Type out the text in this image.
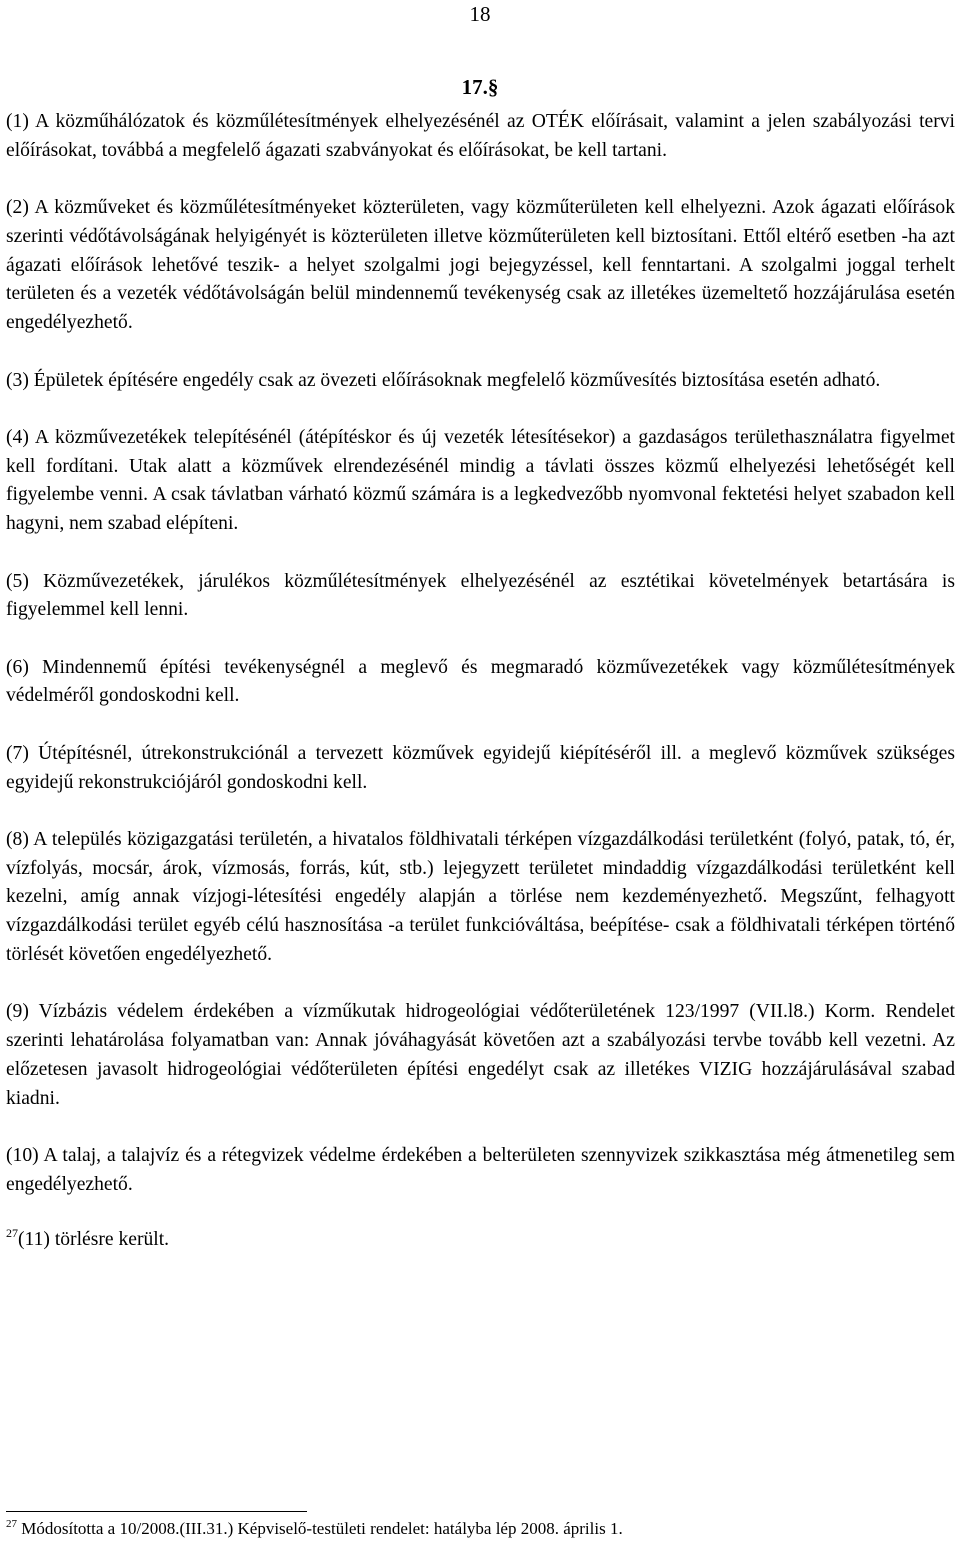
18
17.§

(1) A közműhálózatok és közműlétesítmények elhelyezésénél az OTÉK előírásait, valamint a jelen szabályozási tervi előírásokat, továbbá a megfelelő ágazati szabványokat és előírásokat, be kell tartani.

(2) A közműveket és közműlétesítményeket közterületen, vagy közműterületen kell elhelyezni. Azok ágazati előírások szerinti védőtávolságának helyigényét is közterületen illetve közműterületen kell biztosítani. Ettől eltérő esetben -ha azt ágazati előírások lehetővé teszik- a helyet szolgalmi jogi bejegyzéssel, kell fenntartani. A szolgalmi joggal terhelt területen és a vezeték védőtávolságán belül mindennemű tevékenység csak az illetékes üzemeltető hozzájárulása esetén engedélyezhető.

(3) Épületek építésére engedély csak az övezeti előírásoknak megfelelő közművesítés biztosítása esetén adható.

(4) A közművezetékek telepítésénél (átépítéskor és új vezeték létesítésekor) a gazdaságos területhasználatra figyelmet kell fordítani. Utak alatt a közművek elrendezésénél mindig a távlati összes közmű elhelyezési lehetőségét kell figyelembe venni. A csak távlatban várható közmű számára is a legkedvezőbb nyomvonal fektetési helyet szabadon kell hagyni, nem szabad elépíteni.

(5) Közművezetékek, járulékos közműlétesítmények elhelyezésénél az esztétikai követelmények betartására is figyelemmel kell lenni.

(6) Mindennemű építési tevékenységnél a meglevő és megmaradó közművezetékek vagy közműlétesítmények védelméről gondoskodni kell.

(7) Útépítésnél, útrekonstrukciónál a tervezett közművek egyidejű kiépítéséről ill. a meglevő közművek szükséges egyidejű rekonstrukciójáról gondoskodni kell.

(8) A település közigazgatási területén, a hivatalos földhivatali térképen vízgazdálkodási területként (folyó, patak, tó, ér, vízfolyás, mocsár, árok, vízmosás, forrás, kút, stb.) lejegyzett területet mindaddig vízgazdálkodási területként kell kezelni, amíg annak vízjogi-létesítési engedély alapján a törlése nem kezdeményezhető. Megszűnt, felhagyott vízgazdálkodási terület egyéb célú hasznosítása -a terület funkcióváltása, beépítése- csak a földhivatali térképen történő törlését követően engedélyezhető.

(9) Vízbázis védelem érdekében a vízműkutak hidrogeológiai védőterületének 123/1997 (VII.l8.) Korm. Rendelet szerinti lehatárolása folyamatban van: Annak jóváhagyását követően azt a szabályozási tervbe tovább kell vezetni. Az előzetesen javasolt hidrogeológiai védőterületen építési engedélyt csak az illetékes VIZIG hozzájárulásával szabad kiadni.

(10) A talaj, a talajvíz és a rétegvizek védelme érdekében a belterületen szennyvizek szikkasztása még átmenetileg sem engedélyezhető.

$^{27}$(11) törlésre került.

$^{27}$ Módosította a 10/2008.(III.31.) Képviselő-testületi rendelet: hatályba lép 2008. április 1.
